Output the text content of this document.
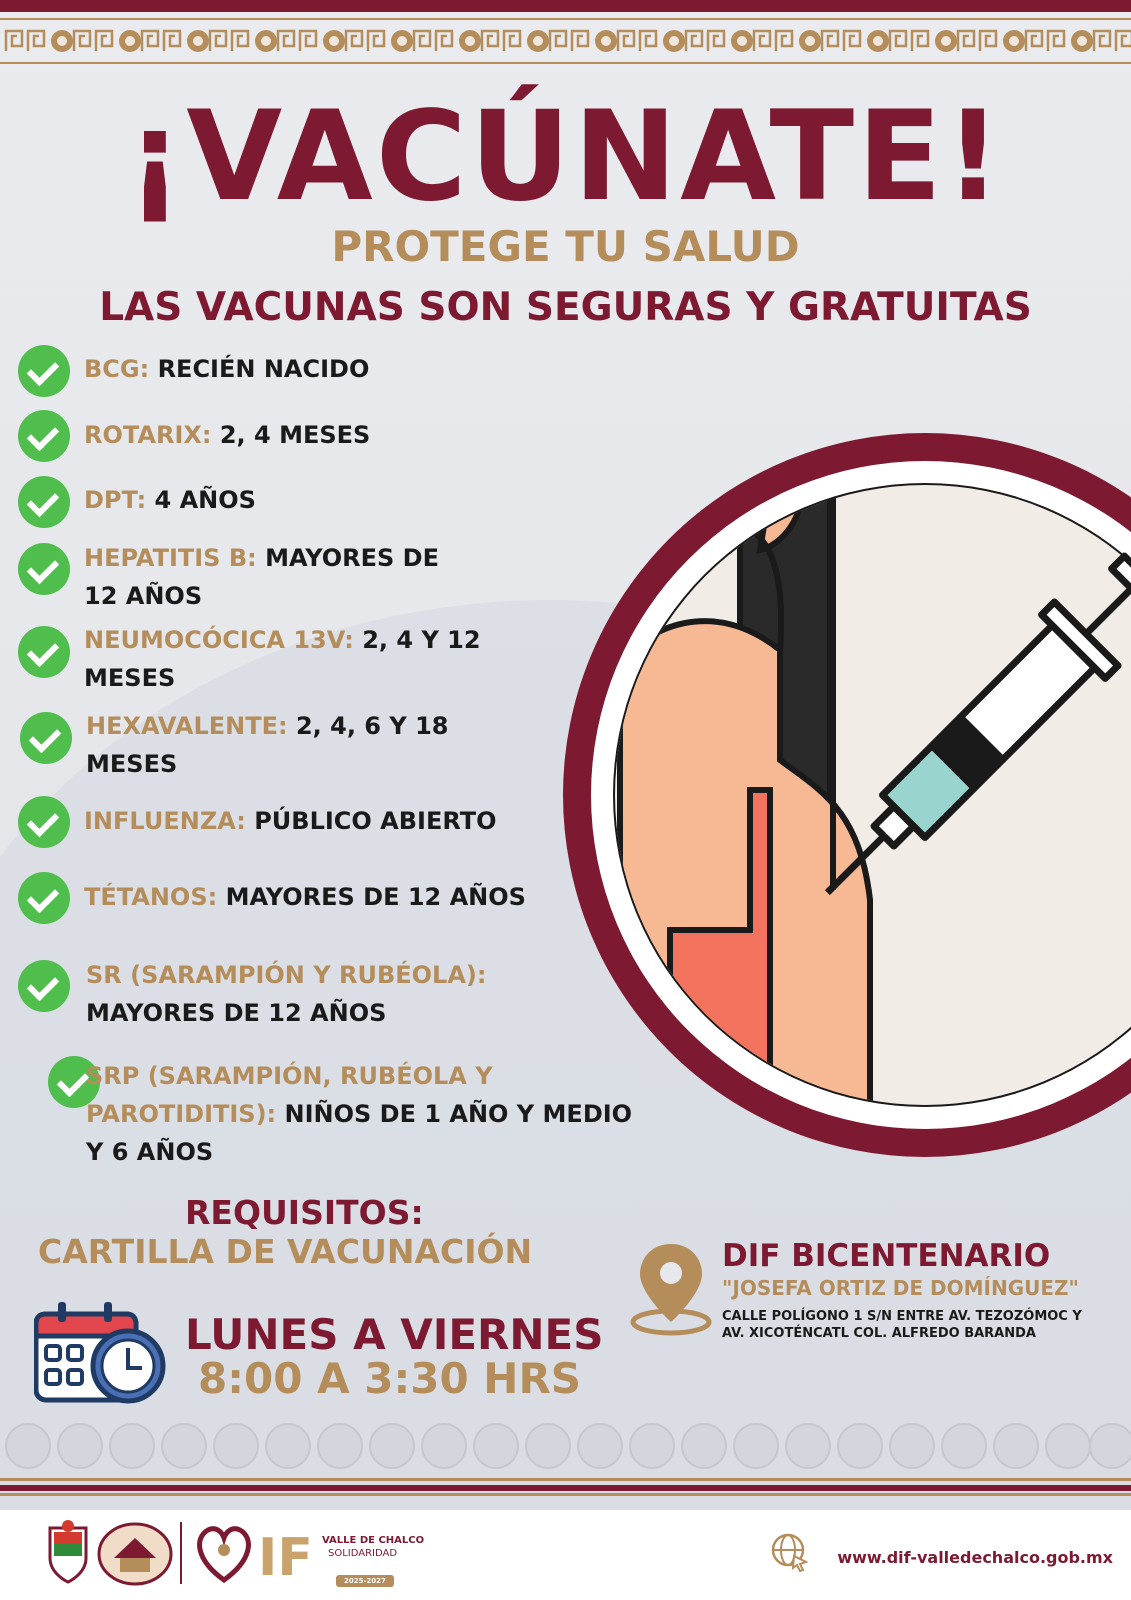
¡VACÚNATE!
PROTEGE TU SALUD
LAS VACUNAS SON SEGURAS Y GRATUITAS
BCG: RECIÉN NACIDO
ROTARIX: 2, 4 MESES
DPT: 4 AÑOS
HEPATITIS B: MAYORES DE
12 AÑOS
NEUMOCÓCICA 13V: 2, 4 Y 12
MESES
HEXAVALENTE: 2, 4, 6 Y 18
MESES
INFLUENZA: PÚBLICO ABIERTO
TÉTANOS: MAYORES DE 12 AÑOS
SR (SARAMPIÓN Y RUBÉOLA):
MAYORES DE 12 AÑOS
SRP (SARAMPIÓN, RUBÉOLA Y
PAROTIDITIS): NIÑOS DE 1 AÑO Y MEDIO
Y 6 AÑOS
REQUISITOS:
CARTILLA DE VACUNACIÓN
LUNES A VIERNES
8:00 A 3:30 HRS
DIF BICENTENARIO
"JOSEFA ORTIZ DE DOMÍNGUEZ"
CALLE POLÍGONO 1 S/N ENTRE AV. TEZOZÓMOC Y
AV. XICOTÉNCATL COL. ALFREDO BARANDA
IF VALLE DE CHALCO
SOLIDARIDAD
2025-2027
www.dif-valledechalco.gob.mx
